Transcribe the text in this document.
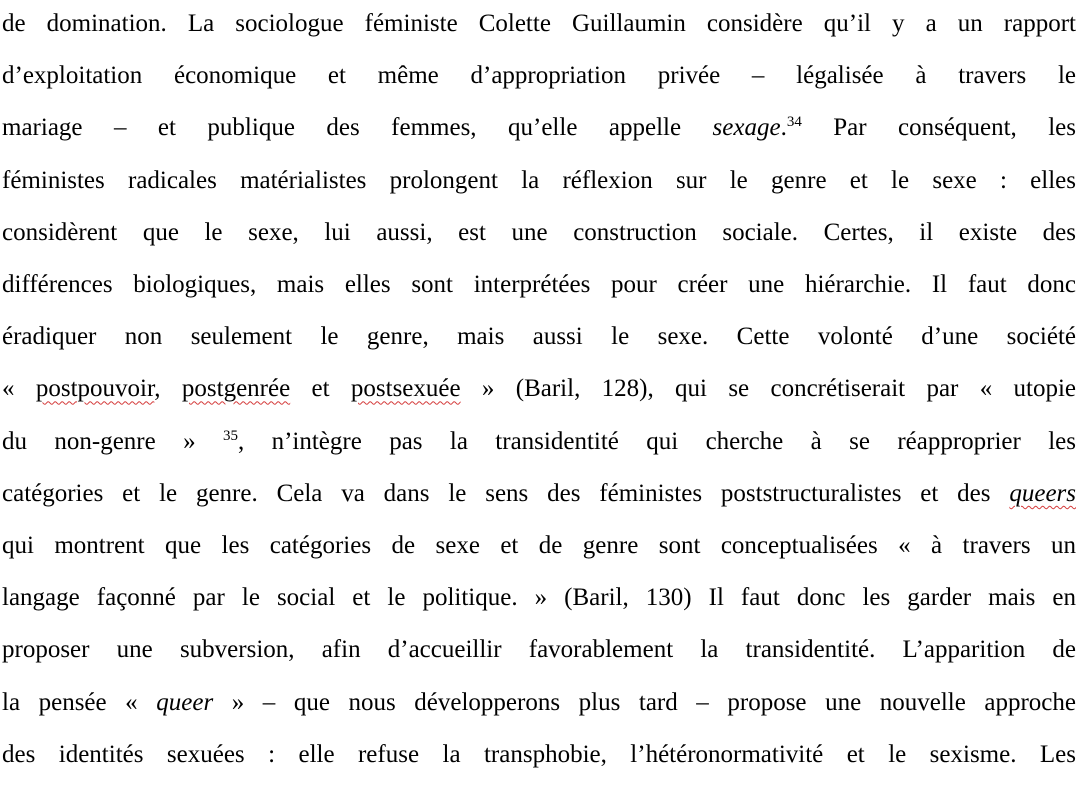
de domination. La sociologue féministe Colette Guillaumin considère qu’il y a un rapport
d’exploitation économique et même d’appropriation privée – légalisée à travers le
mariage – et publique des femmes, qu’elle appelle sexage.$^{34}$ Par conséquent, les
féministes radicales matérialistes prolongent la réflexion sur le genre et le sexe : elles
considèrent que le sexe, lui aussi, est une construction sociale. Certes, il existe des
différences biologiques, mais elles sont interprétées pour créer une hiérarchie. Il faut donc
éradiquer non seulement le genre, mais aussi le sexe. Cette volonté d’une société
« postpouvoir, postgenrée et postsexuée » (Baril, 128), qui se concrétiserait par « utopie
du non-genre » $^{35}$, n’intègre pas la transidentité qui cherche à se réapproprier les
catégories et le genre. Cela va dans le sens des féministes poststructuralistes et des queers
qui montrent que les catégories de sexe et de genre sont conceptualisées « à travers un
langage façonné par le social et le politique. » (Baril, 130) Il faut donc les garder mais en
proposer une subversion, afin d’accueillir favorablement la transidentité. L’apparition de
la pensée « queer » – que nous développerons plus tard – propose une nouvelle approche
des identités sexuées : elle refuse la transphobie, l’hétéronormativité et le sexisme. Les
